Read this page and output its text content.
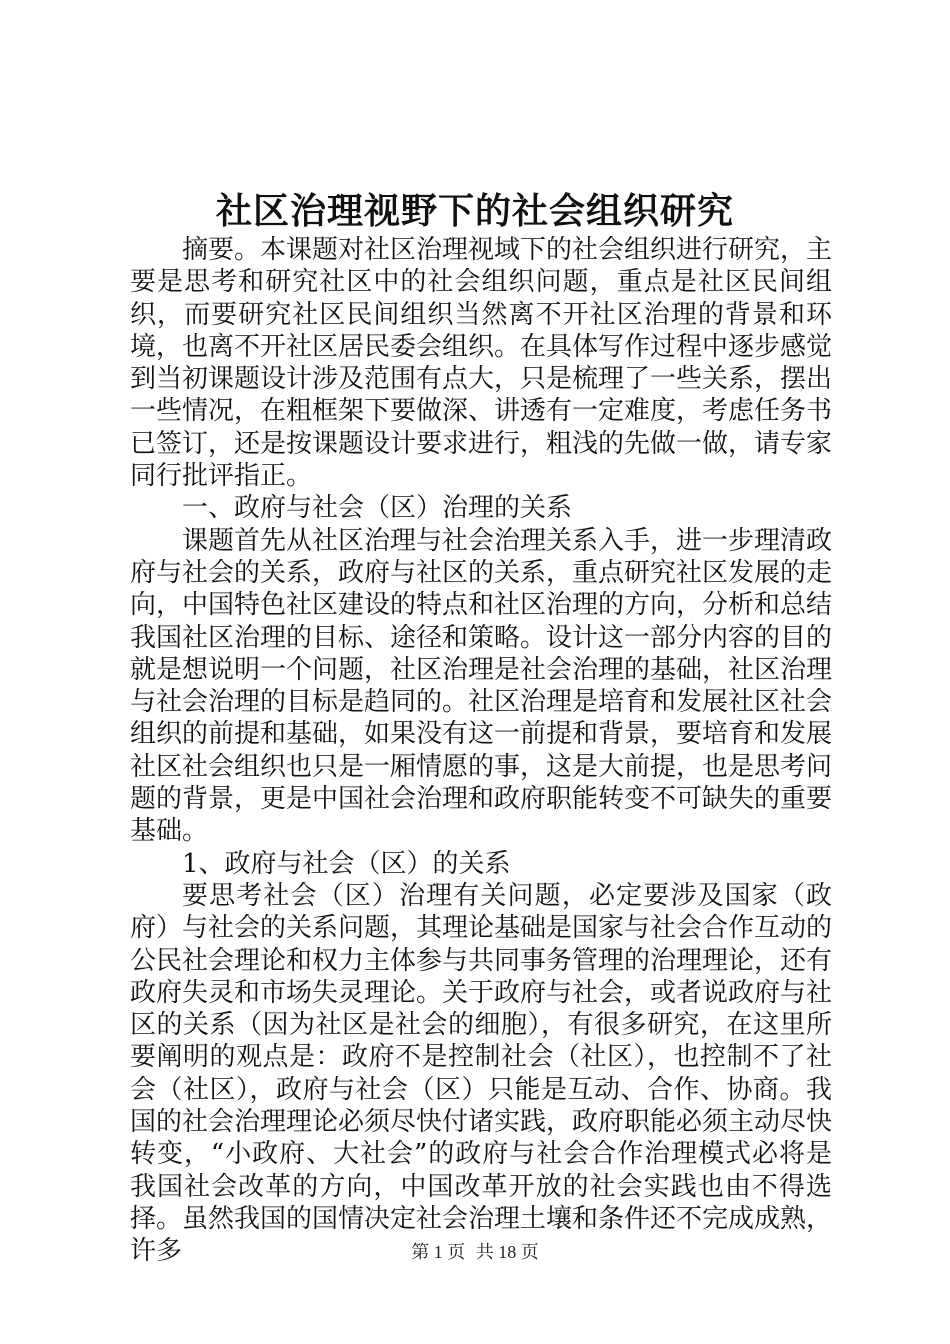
社区治理视野下的社会组织研究

摘要。本课题对社区治理视域下的社会组织进行研究，主要是思考和研究社区中的社会组织问题，重点是社区民间组织，而要研究社区民间组织当然离不开社区治理的背景和环境，也离不开社区居民委会组织。在具体写作过程中逐步感觉到当初课题设计涉及范围有点大，只是梳理了一些关系，摆出一些情况，在粗框架下要做深、讲透有一定难度，考虑任务书已签订，还是按课题设计要求进行，粗浅的先做一做，请专家同行批评指正。

一、政府与社会（区）治理的关系

课题首先从社区治理与社会治理关系入手，进一步理清政府与社会的关系，政府与社区的关系，重点研究社区发展的走向，中国特色社区建设的特点和社区治理的方向，分析和总结我国社区治理的目标、途径和策略。设计这一部分内容的目的就是想说明一个问题，社区治理是社会治理的基础，社区治理与社会治理的目标是趋同的。社区治理是培育和发展社区社会组织的前提和基础，如果没有这一前提和背景，要培育和发展社区社会组织也只是一厢情愿的事，这是大前提，也是思考问题的背景，更是中国社会治理和政府职能转变不可缺失的重要基础。

1、政府与社会（区）的关系

要思考社会（区）治理有关问题，必定要涉及国家（政府）与社会的关系问题，其理论基础是国家与社会合作互动的公民社会理论和权力主体参与共同事务管理的治理理论，还有政府失灵和市场失灵理论。关于政府与社会，或者说政府与社区的关系（因为社区是社会的细胞），有很多研究，在这里所要阐明的观点是：政府不是控制社会（社区），也控制不了社会（社区），政府与社会（区）只能是互动、合作、协商。我国的社会治理理论必须尽快付诸实践，政府职能必须主动尽快转变，“小政府、大社会”的政府与社会合作治理模式必将是我国社会改革的方向，中国改革开放的社会实践也由不得选择。虽然我国的国情决定社会治理土壤和条件还不完成成熟，许多	第 1 页 共 18 页
